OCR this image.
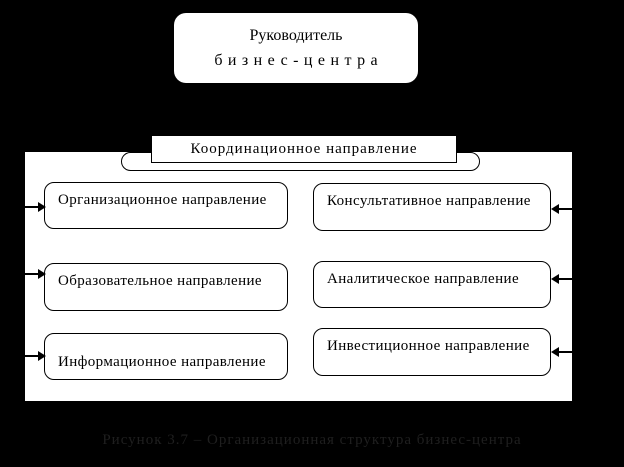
Руководитель
бизнес-центра
Координационное направление
Организационное направление
Образовательное направление
Информационное направление
Консультативное направление
Аналитическое направление
Инвестиционное направление
Рисунок 3.7 – Организационная структура бизнес-центра
